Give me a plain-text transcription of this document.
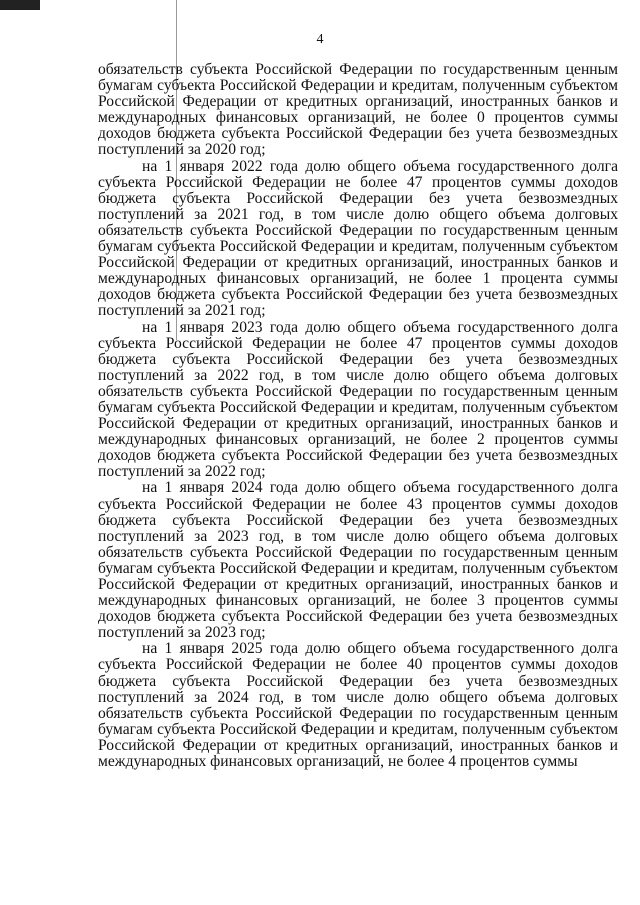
4

обязательств субъекта Российской Федерации по государственным ценным бумагам субъекта Российской Федерации и кредитам, полученным субъектом Российской Федерации от кредитных организаций, иностранных банков и международных финансовых организаций, не более 0 процентов суммы доходов бюджета субъекта Российской Федерации без учета безвозмездных поступлений за 2020 год;

на 1 января 2022 года долю общего объема государственного долга субъекта Российской Федерации не более 47 процентов суммы доходов бюджета субъекта Российской Федерации без учета безвозмездных поступлений за 2021 год, в том числе долю общего объема долговых обязательств субъекта Российской Федерации по государственным ценным бумагам субъекта Российской Федерации и кредитам, полученным субъектом Российской Федерации от кредитных организаций, иностранных банков и международных финансовых организаций, не более 1 процента суммы доходов бюджета субъекта Российской Федерации без учета безвозмездных поступлений за 2021 год;

на 1 января 2023 года долю общего объема государственного долга субъекта Российской Федерации не более 47 процентов суммы доходов бюджета субъекта Российской Федерации без учета безвозмездных поступлений за 2022 год, в том числе долю общего объема долговых обязательств субъекта Российской Федерации по государственным ценным бумагам субъекта Российской Федерации и кредитам, полученным субъектом Российской Федерации от кредитных организаций, иностранных банков и международных финансовых организаций, не более 2 процентов суммы доходов бюджета субъекта Российской Федерации без учета безвозмездных поступлений за 2022 год;

на 1 января 2024 года долю общего объема государственного долга субъекта Российской Федерации не более 43 процентов суммы доходов бюджета субъекта Российской Федерации без учета безвозмездных поступлений за 2023 год, в том числе долю общего объема долговых обязательств субъекта Российской Федерации по государственным ценным бумагам субъекта Российской Федерации и кредитам, полученным субъектом Российской Федерации от кредитных организаций, иностранных банков и международных финансовых организаций, не более 3 процентов суммы доходов бюджета субъекта Российской Федерации без учета безвозмездных поступлений за 2023 год;

на 1 января 2025 года долю общего объема государственного долга субъекта Российской Федерации не более 40 процентов суммы доходов бюджета субъекта Российской Федерации без учета безвозмездных поступлений за 2024 год, в том числе долю общего объема долговых обязательств субъекта Российской Федерации по государственным ценным бумагам субъекта Российской Федерации и кредитам, полученным субъектом Российской Федерации от кредитных организаций, иностранных банков и международных финансовых организаций, не более 4 процентов суммы
